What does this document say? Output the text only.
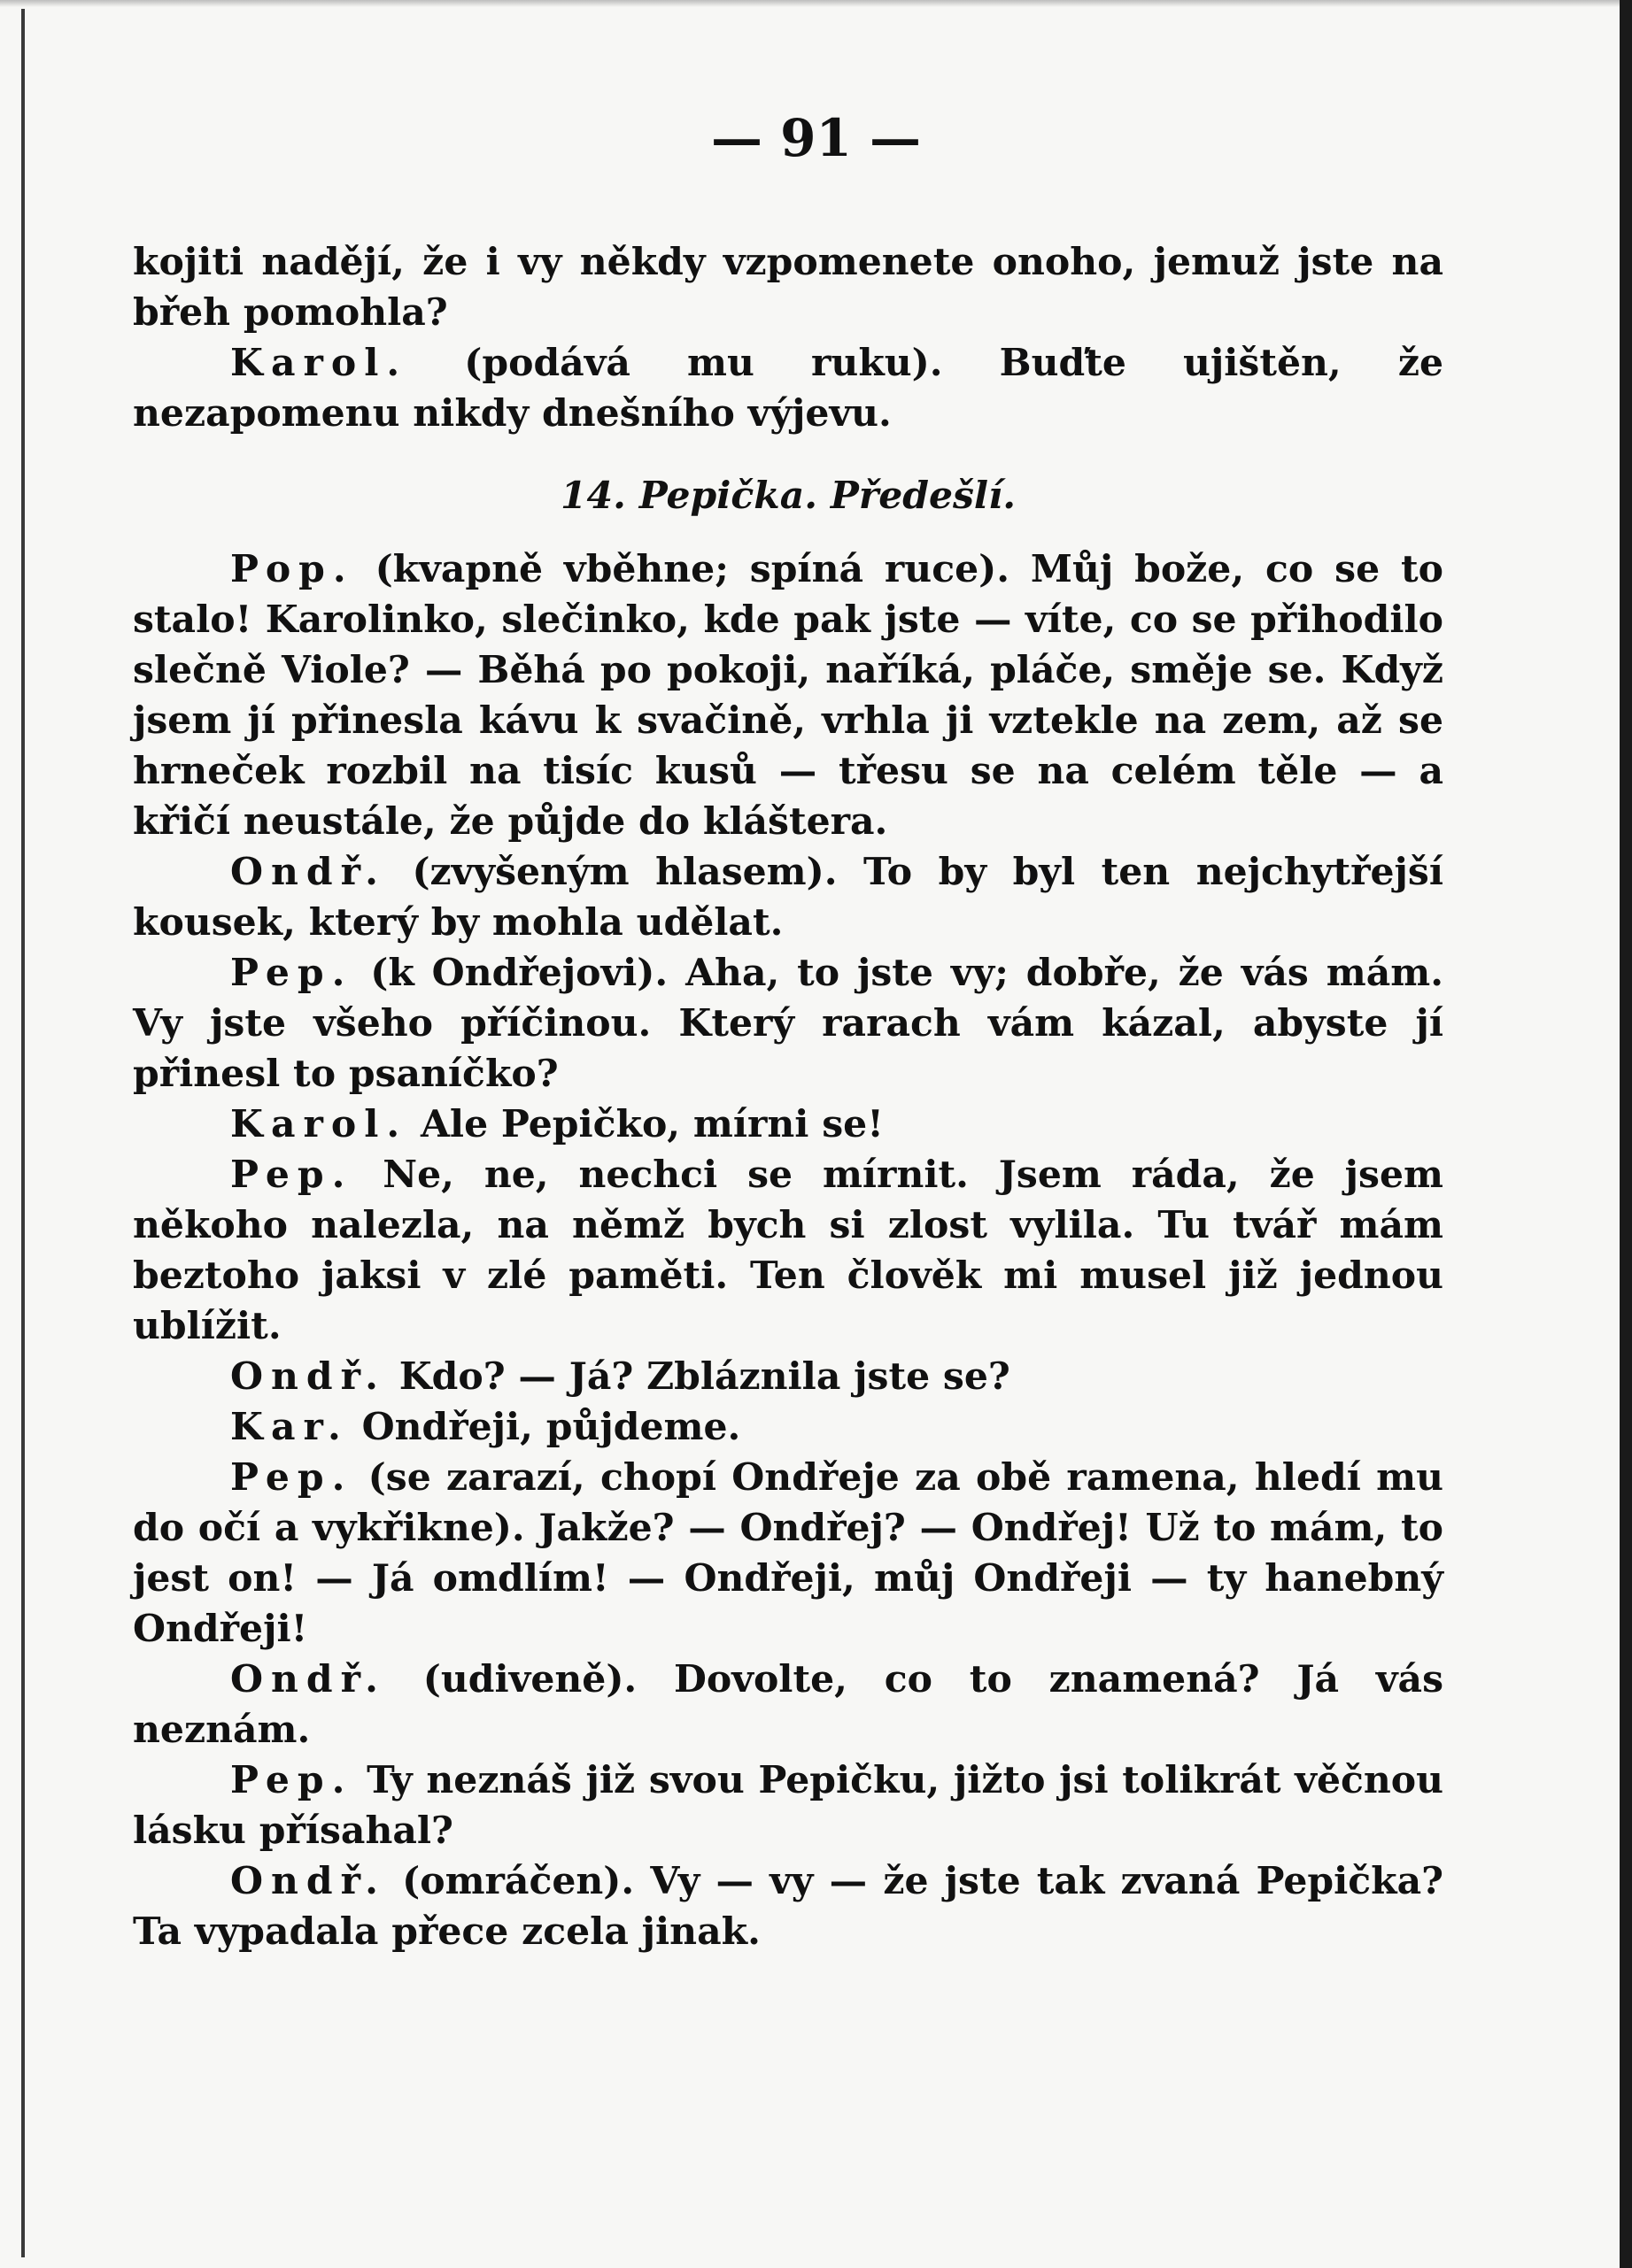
— 91 —

kojiti nadějí, že i vy někdy vzpomenete onoho, jemuž jste na břeh pomohla?

Karol. (podává mu ruku). Buďte ujištěn, že nezapomenu nikdy dnešního výjevu.

14. Pepička. Předešlí.

Pop. (kvapně vběhne; spíná ruce). Můj bože, co se to stalo! Karolinko, slečinko, kde pak jste — víte, co se přihodilo slečně Viole? — Běhá po pokoji, naříká, pláče, směje se. Když jsem jí přinesla kávu k svačině, vrhla ji vztekle na zem, až se hrneček rozbil na tisíc kusů — třesu se na celém těle — a křičí neustále, že půjde do kláštera.

Ondř. (zvyšeným hlasem). To by byl ten nejchytřejší kousek, který by mohla udělat.

Pep. (k Ondřejovi). Aha, to jste vy; dobře, že vás mám. Vy jste všeho příčinou. Který rarach vám kázal, abyste jí přinesl to psaníčko?

Karol. Ale Pepičko, mírni se!

Pep. Ne, ne, nechci se mírnit. Jsem ráda, že jsem někoho nalezla, na němž bych si zlost vylila. Tu tvář mám beztoho jaksi v zlé paměti. Ten člověk mi musel již jednou ublížit.

Ondř. Kdo? — Já? Zbláznila jste se?

Kar. Ondřeji, půjdeme.

Pep. (se zarazí, chopí Ondřeje za obě ramena, hledí mu do očí a vykřikne). Jakže? — Ondřej? — Ondřej! Už to mám, to jest on! — Já omdlím! — Ondřeji, můj Ondřeji — ty hanebný Ondřeji!

Ondř. (udiveně). Dovolte, co to znamená? Já vás neznám.

Pep. Ty neznáš již svou Pepičku, jižto jsi tolikrát věčnou lásku přísahal?

Ondř. (omráčen). Vy — vy — že jste tak zvaná Pepička? Ta vypadala přece zcela jinak.
